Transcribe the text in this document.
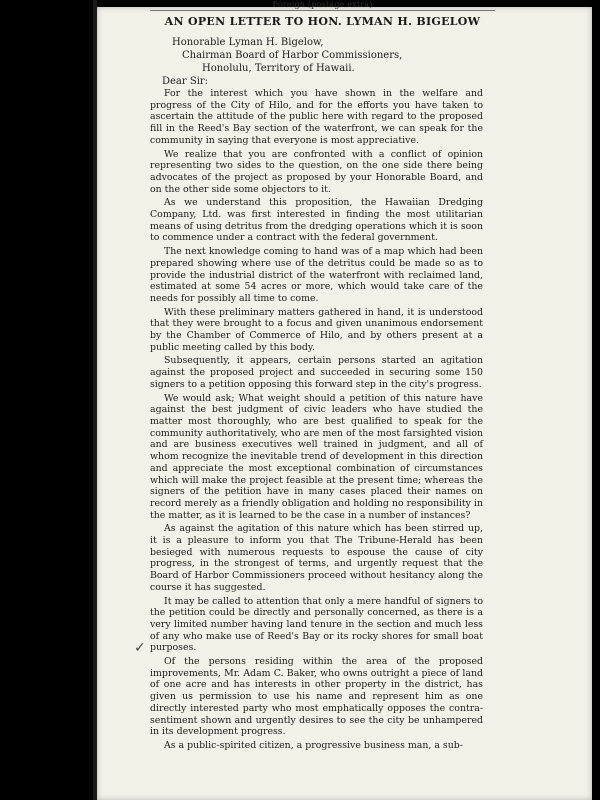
Foreign (postage extra)
AN OPEN LETTER TO HON. LYMAN H. BIGELOW
Honorable Lyman H. Bigelow,
Chairman Board of Harbor Commissioners,
Honolulu, Territory of Hawaii.
Dear Sir:

For the interest which you have shown in the welfare and progress of the City of Hilo, and for the efforts you have taken to ascertain the attitude of the public here with regard to the proposed fill in the Reed's Bay section of the waterfront, we can speak for the community in saying that everyone is most appreciative.

We realize that you are confronted with a conflict of opinion representing two sides to the question, on the one side there being advocates of the project as proposed by your Honorable Board, and on the other side some objectors to it.

As we understand this proposition, the Hawaiian Dredging Company, Ltd. was first interested in finding the most utilitarian means of using detritus from the dredging operations which it is soon to commence under a contract with the federal government.

The next knowledge coming to hand was of a map which had been prepared showing where use of the detritus could be made so as to provide the industrial district of the waterfront with reclaimed land, estimated at some 54 acres or more, which would take care of the needs for possibly all time to come.

With these preliminary matters gathered in hand, it is understood that they were brought to a focus and given unanimous endorsement by the Chamber of Commerce of Hilo, and by others present at a public meeting called by this body.

Subsequently, it appears, certain persons started an agitation against the proposed project and succeeded in securing some 150 signers to a petition opposing this forward step in the city's progress.

We would ask; What weight should a petition of this nature have against the best judgment of civic leaders who have studied the matter most thoroughly, who are best qualified to speak for the community authoritatively, who are men of the most farsighted vision and are business executives well trained in judgment, and all of whom recognize the inevitable trend of development in this direction and appreciate the most exceptional combination of circumstances which will make the project feasible at the present time; whereas the signers of the petition have in many cases placed their names on record merely as a friendly obligation and holding no responsibility in the matter, as it is learned to be the case in a number of instances?

As against the agitation of this nature which has been stirred up, it is a pleasure to inform you that The Tribune-Herald has been besieged with numerous requests to espouse the cause of city progress, in the strongest of terms, and urgently request that the Board of Harbor Commissioners proceed without hesitancy along the course it has suggested.

It may be called to attention that only a mere handful of signers to the petition could be directly and personally concerned, as there is a very limited number having land tenure in the section and much less of any who make use of Reed's Bay or its rocky shores for small boat purposes.

Of the persons residing within the area of the proposed improvements, Mr. Adam C. Baker, who owns outright a piece of land of one acre and has interests in other property in the district, has given us permission to use his name and represent him as one directly interested party who most emphatically opposes the contra-sentiment shown and urgently desires to see the city be unhampered in its development progress.

As a public-spirited citizen, a progressive business man, a sub-

✓
